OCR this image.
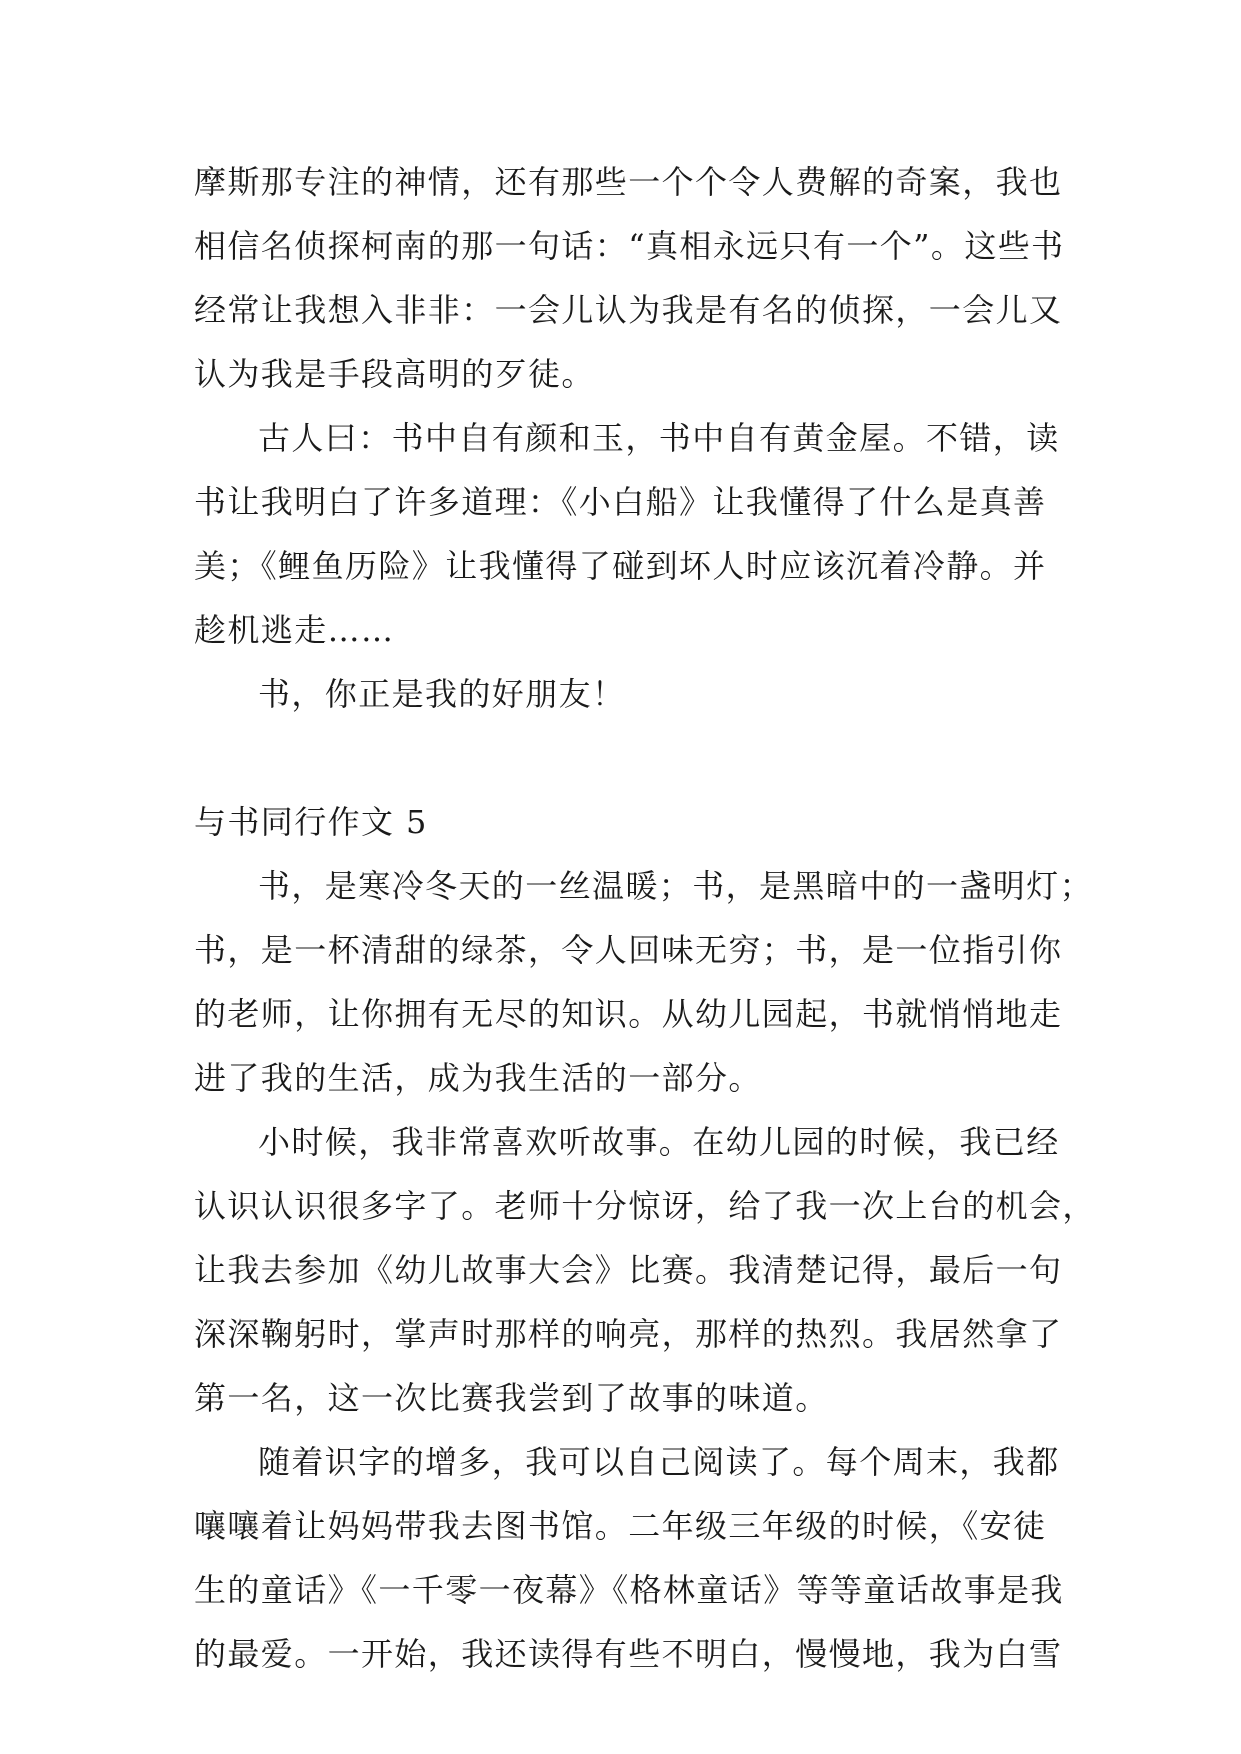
摩斯那专注的神情，还有那些一个个令人费解的奇案，我也
相信名侦探柯南的那一句话：“真相永远只有一个”。这些书
经常让我想入非非：一会儿认为我是有名的侦探，一会儿又
认为我是手段高明的歹徒。
古人曰：书中自有颜和玉，书中自有黄金屋。不错，读
书让我明白了许多道理：《小白船》让我懂得了什么是真善
美；《鲤鱼历险》让我懂得了碰到坏人时应该沉着冷静。并
趁机逃走……
书，你正是我的好朋友！
与书同行作文 5
书，是寒冷冬天的一丝温暖；书，是黑暗中的一盏明灯；
书，是一杯清甜的绿茶，令人回味无穷；书，是一位指引你
的老师，让你拥有无尽的知识。从幼儿园起，书就悄悄地走
进了我的生活，成为我生活的一部分。
小时候，我非常喜欢听故事。在幼儿园的时候，我已经
认识认识很多字了。老师十分惊讶，给了我一次上台的机会，
让我去参加《幼儿故事大会》比赛。我清楚记得，最后一句
深深鞠躬时，掌声时那样的响亮，那样的热烈。我居然拿了
第一名，这一次比赛我尝到了故事的味道。
随着识字的增多，我可以自己阅读了。每个周末，我都
嚷嚷着让妈妈带我去图书馆。二年级三年级的时候，《安徒
生的童话》《一千零一夜幕》《格林童话》等等童话故事是我
的最爱。一开始，我还读得有些不明白，慢慢地，我为白雪
